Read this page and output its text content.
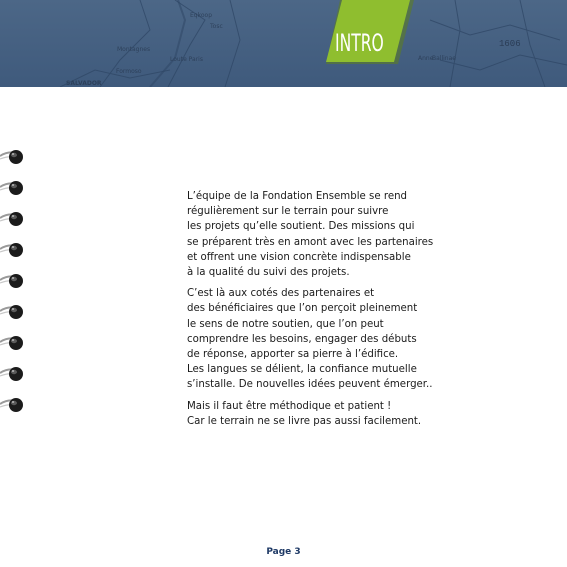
Eqkoop
Tosc
Montagnes
Loute Paris
Formoso
SALVADOR
Anne
Ballinae
1606
INTRO

L’équipe de la Fondation Ensemble se rend
régulièrement sur le terrain pour suivre
les projets qu’elle soutient. Des missions qui
se préparent très en amont avec les partenaires
et offrent une vision concrète indispensable
à la qualité du suivi des projets.

C’est là aux cotés des partenaires et
des bénéficiaires que l’on perçoit pleinement
le sens de notre soutien, que l’on peut
comprendre les besoins, engager des débuts
de réponse, apporter sa pierre à l’édifice.
Les langues se délient, la confiance mutuelle
s’installe. De nouvelles idées peuvent émerger..

Mais il faut être méthodique et patient !
Car le terrain ne se livre pas aussi facilement.

Page 3
